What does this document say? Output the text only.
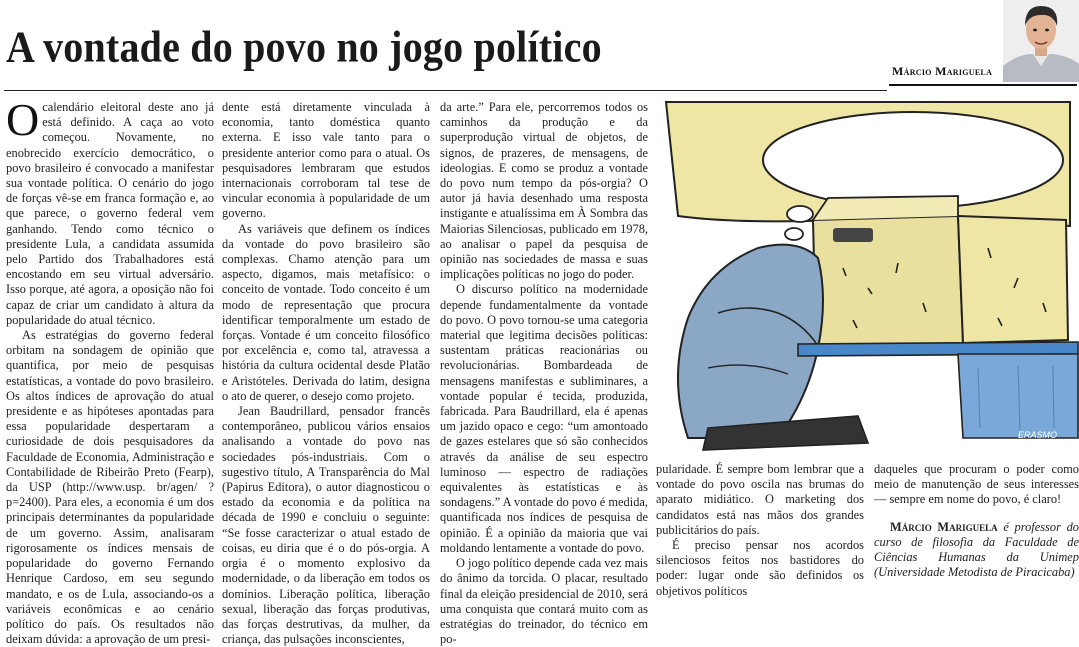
A vontade do povo no jogo político	Márcio Mariguela

Ocalendário eleitoral deste ano já está definido. A caça ao voto começou. Novamente, no enobrecido exercício democrático, o povo brasileiro é convocado a manifestar sua vontade política. O cenário do jogo de forças vê-se em franca formação e, ao que parece, o governo federal vem ganhando. Tendo como técnico o presidente Lula, a candidata assumida pelo Partido dos Trabalhadores está encostando em seu virtual adversário. Isso porque, até agora, a oposição não foi capaz de criar um candidato à altura da popularidade do atual técnico.

As estratégias do governo federal orbitam na sondagem de opinião que quantifica, por meio de pesquisas estatísticas, a vontade do povo brasileiro. Os altos índices de aprovação do atual presidente e as hipóteses apontadas para essa popularidade despertaram a curiosidade de dois pesquisadores da Faculdade de Economia, Administração e Contabilidade de Ribeirão Preto (Fearp), da USP (http://www.usp. br/agen/ ?p=2400). Para eles, a economia é um dos principais determinantes da popularidade de um governo. Assim, analisaram rigorosamente os índices mensais de popularidade do governo Fernando Henrique Cardoso, em seu segundo mandato, e os de Lula, associando-os a variáveis econômicas e ao cenário político do país. Os resultados não deixam dúvida: a aprovação de um presi-

dente está diretamente vinculada à economia, tanto doméstica quanto externa. E isso vale tanto para o presidente anterior como para o atual. Os pesquisadores lembraram que estudos internacionais corroboram tal tese de vincular economia à popularidade de um governo.

As variáveis que definem os índices da vontade do povo brasileiro são complexas. Chamo atenção para um aspecto, digamos, mais metafísico: o conceito de vontade. Todo conceito é um modo de representação que procura identificar temporalmente um estado de forças. Vontade é um conceito filosófico por excelência e, como tal, atravessa a história da cultura ocidental desde Platão e Aristóteles. Derivada do latim, designa o ato de querer, o desejo como projeto.

Jean Baudrillard, pensador francês contemporâneo, publicou vários ensaios analisando a vontade do povo nas sociedades pós-industriais. Com o sugestivo título, A Transparência do Mal (Papirus Editora), o autor diagnosticou o estado da economia e da política na década de 1990 e concluiu o seguinte: “Se fosse caracterizar o atual estado de coisas, eu diria que é o do pós-orgia. A orgia é o momento explosivo da modernidade, o da liberação em todos os domínios. Liberação política, liberação sexual, liberação das forças produtivas, das forças destrutivas, da mulher, da criança, das pulsações inconscientes,

da arte.” Para ele, percorremos todos os caminhos da produção e da superprodução virtual de objetos, de signos, de prazeres, de mensagens, de ideologias. E como se produz a vontade do povo num tempo da pós-orgia? O autor já havia desenhado uma resposta instigante e atualíssima em À Sombra das Maiorias Silenciosas, publicado em 1978, ao analisar o papel da pesquisa de opinião nas sociedades de massa e suas implicações políticas no jogo do poder.

O discurso político na modernidade depende fundamentalmente da vontade do povo. O povo tornou-se uma categoria material que legitima decisões políticas: sustentam práticas reacionárias ou revolucionárias. Bombardeada de mensagens manifestas e subliminares, a vontade popular é tecida, produzida, fabricada. Para Baudrillard, ela é apenas um jazido opaco e cego: “um amontoado de gazes estelares que só são conhecidos através da análise de seu espectro luminoso — espectro de radiações equivalentes às estatísticas e às sondagens.” A vontade do povo é medida, quantificada nos índices de pesquisa de opinião. É a opinião da maioria que vai moldando lentamente a vontade do povo.

O jogo político depende cada vez mais do ânimo da torcida. O placar, resultado final da eleição presidencial de 2010, será uma conquista que contará muito com as estratégias do treinador, do técnico em po-

pularidade. É sempre bom lembrar que a vontade do povo oscila nas brumas do aparato midiático. O marketing dos candidatos está nas mãos dos grandes publicitários do país.

É preciso pensar nos acordos silenciosos feitos nos bastidores do poder: lugar onde são definidos os objetivos políticos

daqueles que procuram o poder como meio de manutenção de seus interesses — sempre em nome do povo, é claro!

Márcio Mariguela é professor do curso de filosofia da Faculdade de Ciências Humanas da Unimep (Universidade Metodista de Piracicaba)

ERASMO
